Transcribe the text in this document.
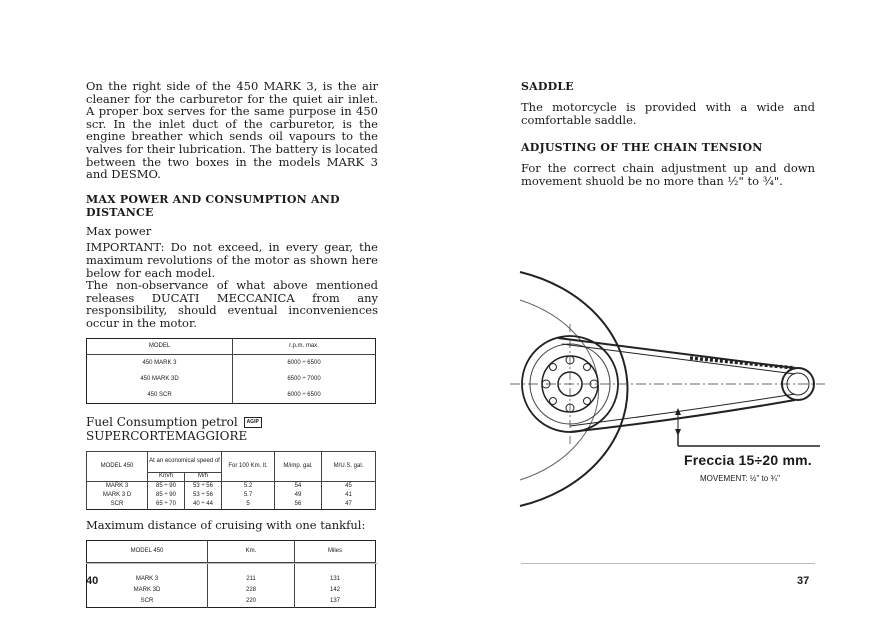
On the right side of the 450 MARK 3, is the air cleaner for the carburetor for the quiet air inlet. A proper box serves for the same purpose in 450 scr. In the inlet duct of the carburetor, is the engine breather which sends oil vapours to the valves for their lubrication. The battery is located between the two boxes in the models MARK 3 and DESMO.

MAX POWER AND CONSUMPTION AND DISTANCE

Max power

IMPORTANT: Do not exceed, in every gear, the maximum revolutions of the motor as shown here below for each model.

The non-observance of what above mentioned releases DUCATI MECCANICA from any responsibility, should eventual inconveniences occur in the motor.

MODEL	r.p.m. max.
450 MARK 3	6000 ÷ 6500
450 MARK 3D	6500 ÷ 7000
450 SCR	6000 ÷ 6500
Fuel Consumption petrol AGIP SUPERCORTEMAGGIORE
MODEL 450	At an economical speed of		For 100 Km. lt.	M/imp. gal.	M/U.S. gal.
	Km/h	M/h			
MARK 3	85 ÷ 90	53 ÷ 56	5.2	54	45
MARK 3 D	85 ÷ 90	53 ÷ 56	5.7	49	41
SCR	65 ÷ 70	40 ÷ 44	5	56	47
Maximum distance of cruising with one tankful:
MODEL 450	Km.	Miles

MARK 3	211	131
MARK 3D	228	142
SCR	220	137
40
SADDLE

The motorcycle is provided with a wide and comfortable saddle.

ADJUSTING OF THE CHAIN TENSION

For the correct chain adjustment up and down movement shuold be no more than ½" to ¾".

Freccia 15÷20 mm.
MOVEMENT: ½" to ¾"
37
